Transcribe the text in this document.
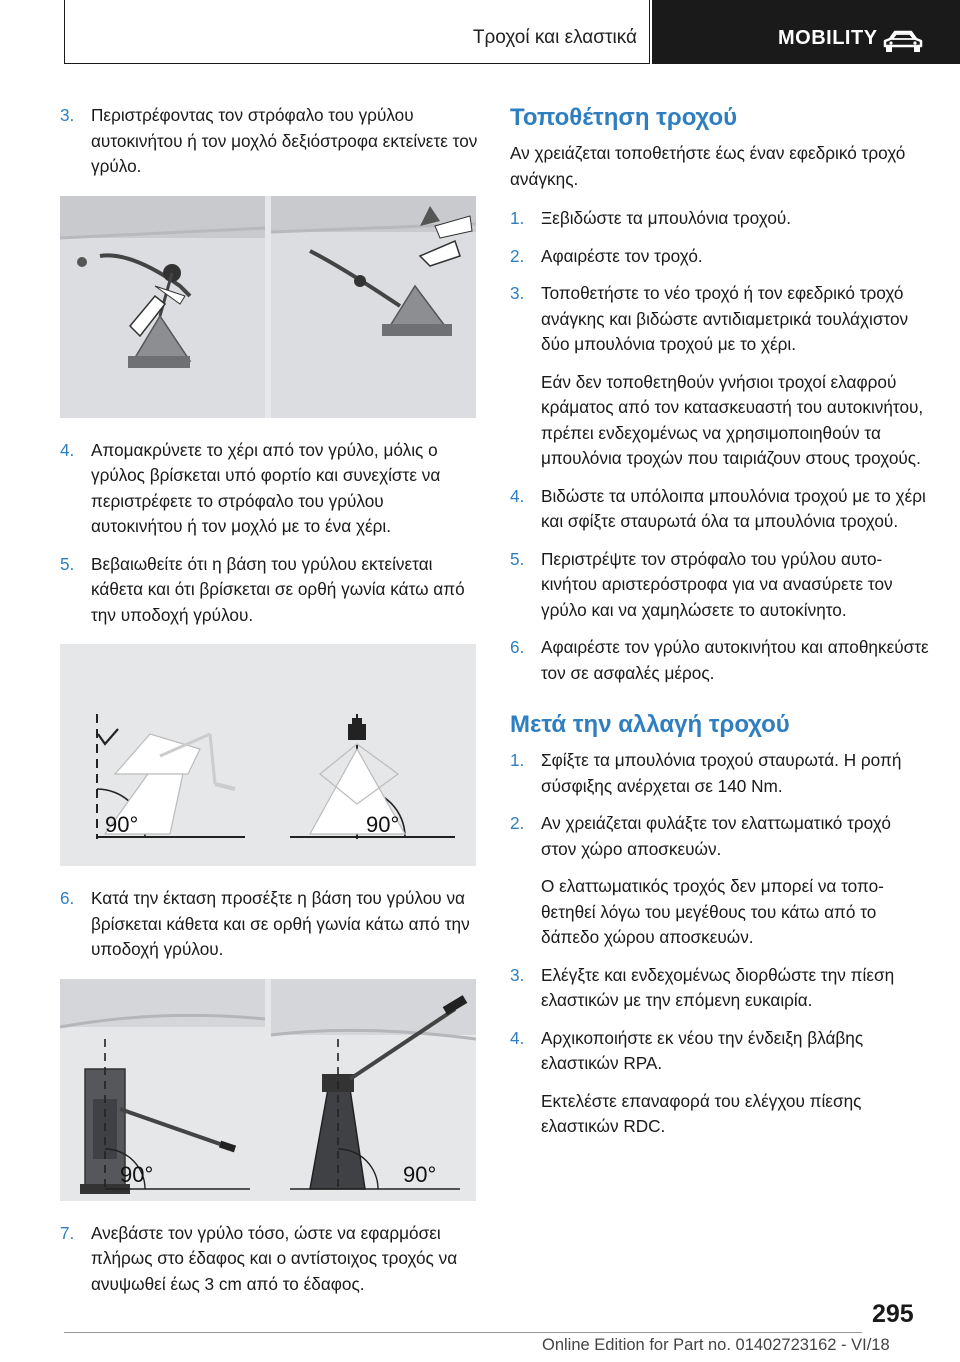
Τροχοί και ελαστικά	MOBILITY
3. Περιστρέφοντας τον στρόφαλο του γρύλου αυτοκινήτου ή τον μοχλό δεξιόστροφα εκτείνετε τον γρύλο.
4. Απομακρύνετε το χέρι από τον γρύλο, μόλις ο γρύλος βρίσκεται υπό φορτίο και συνεχίστε να περιστρέφετε το στρόφαλο του γρύλου αυτοκινήτου ή τον μοχλό με το ένα χέρι.
5. Βεβαιωθείτε ότι η βάση του γρύλου εκτείνεται κάθετα και ότι βρίσκεται σε ορθή γωνία κάτω από την υποδοχή γρύλου.
90°	90°
6. Κατά την έκταση προσέξτε η βάση του γρύλου να βρίσκεται κάθετα και σε ορθή γωνία κάτω από την υποδοχή γρύλου.
90°	90°
7. Ανεβάστε τον γρύλο τόσο, ώστε να εφαρμόσει πλήρως στο έδαφος και ο αντίστοιχος τροχός να ανυψωθεί έως 3 cm από το έδαφος.
Τοποθέτηση τροχού

Αν χρειάζεται τοποθετήστε έως έναν εφεδρικό τροχό ανάγκης.

1. Ξεβιδώστε τα μπουλόνια τροχού.
2. Αφαιρέστε τον τροχό.
3. Τοποθετήστε το νέο τροχό ή τον εφεδρικό τροχό ανάγκης και βιδώστε αντιδιαμετρικά τουλάχιστον δύο μπουλόνια τροχού με το χέρι.

Εάν δεν τοποθετηθούν γνήσιοι τροχοί ελαφρού κράματος από τον κατασκευαστή του αυτοκινήτου, πρέπει ενδεχομένως να χρησιμοποιηθούν τα μπουλόνια τροχών που ταιριάζουν στους τροχούς.

4. Βιδώστε τα υπόλοιπα μπουλόνια τροχού με το χέρι και σφίξτε σταυρωτά όλα τα μπουλόνια τροχού.
5. Περιστρέψτε τον στρόφαλο του γρύλου αυτοκινήτου αριστερόστροφα για να ανασύρετε τον γρύλο και να χαμηλώσετε το αυτοκίνητο.
6. Αφαιρέστε τον γρύλο αυτοκινήτου και αποθηκεύστε τον σε ασφαλές μέρος.
Μετά την αλλαγή τροχού
1. Σφίξτε τα μπουλόνια τροχού σταυρωτά. Η ροπή σύσφιξης ανέρχεται σε 140 Nm.
2. Αν χρειάζεται φυλάξτε τον ελαττωματικό τροχό στον χώρο αποσκευών.

Ο ελαττωματικός τροχός δεν μπορεί να τοποθετηθεί λόγω του μεγέθους του κάτω από το δάπεδο χώρου αποσκευών.

3. Ελέγξτε και ενδεχομένως διορθώστε την πίεση ελαστικών με την επόμενη ευκαιρία.
4. Αρχικοποιήστε εκ νέου την ένδειξη βλάβης ελαστικών RPA.

Εκτελέστε επαναφορά του ελέγχου πίεσης ελαστικών RDC.

295
Online Edition for Part no. 01402723162 - VI/18
